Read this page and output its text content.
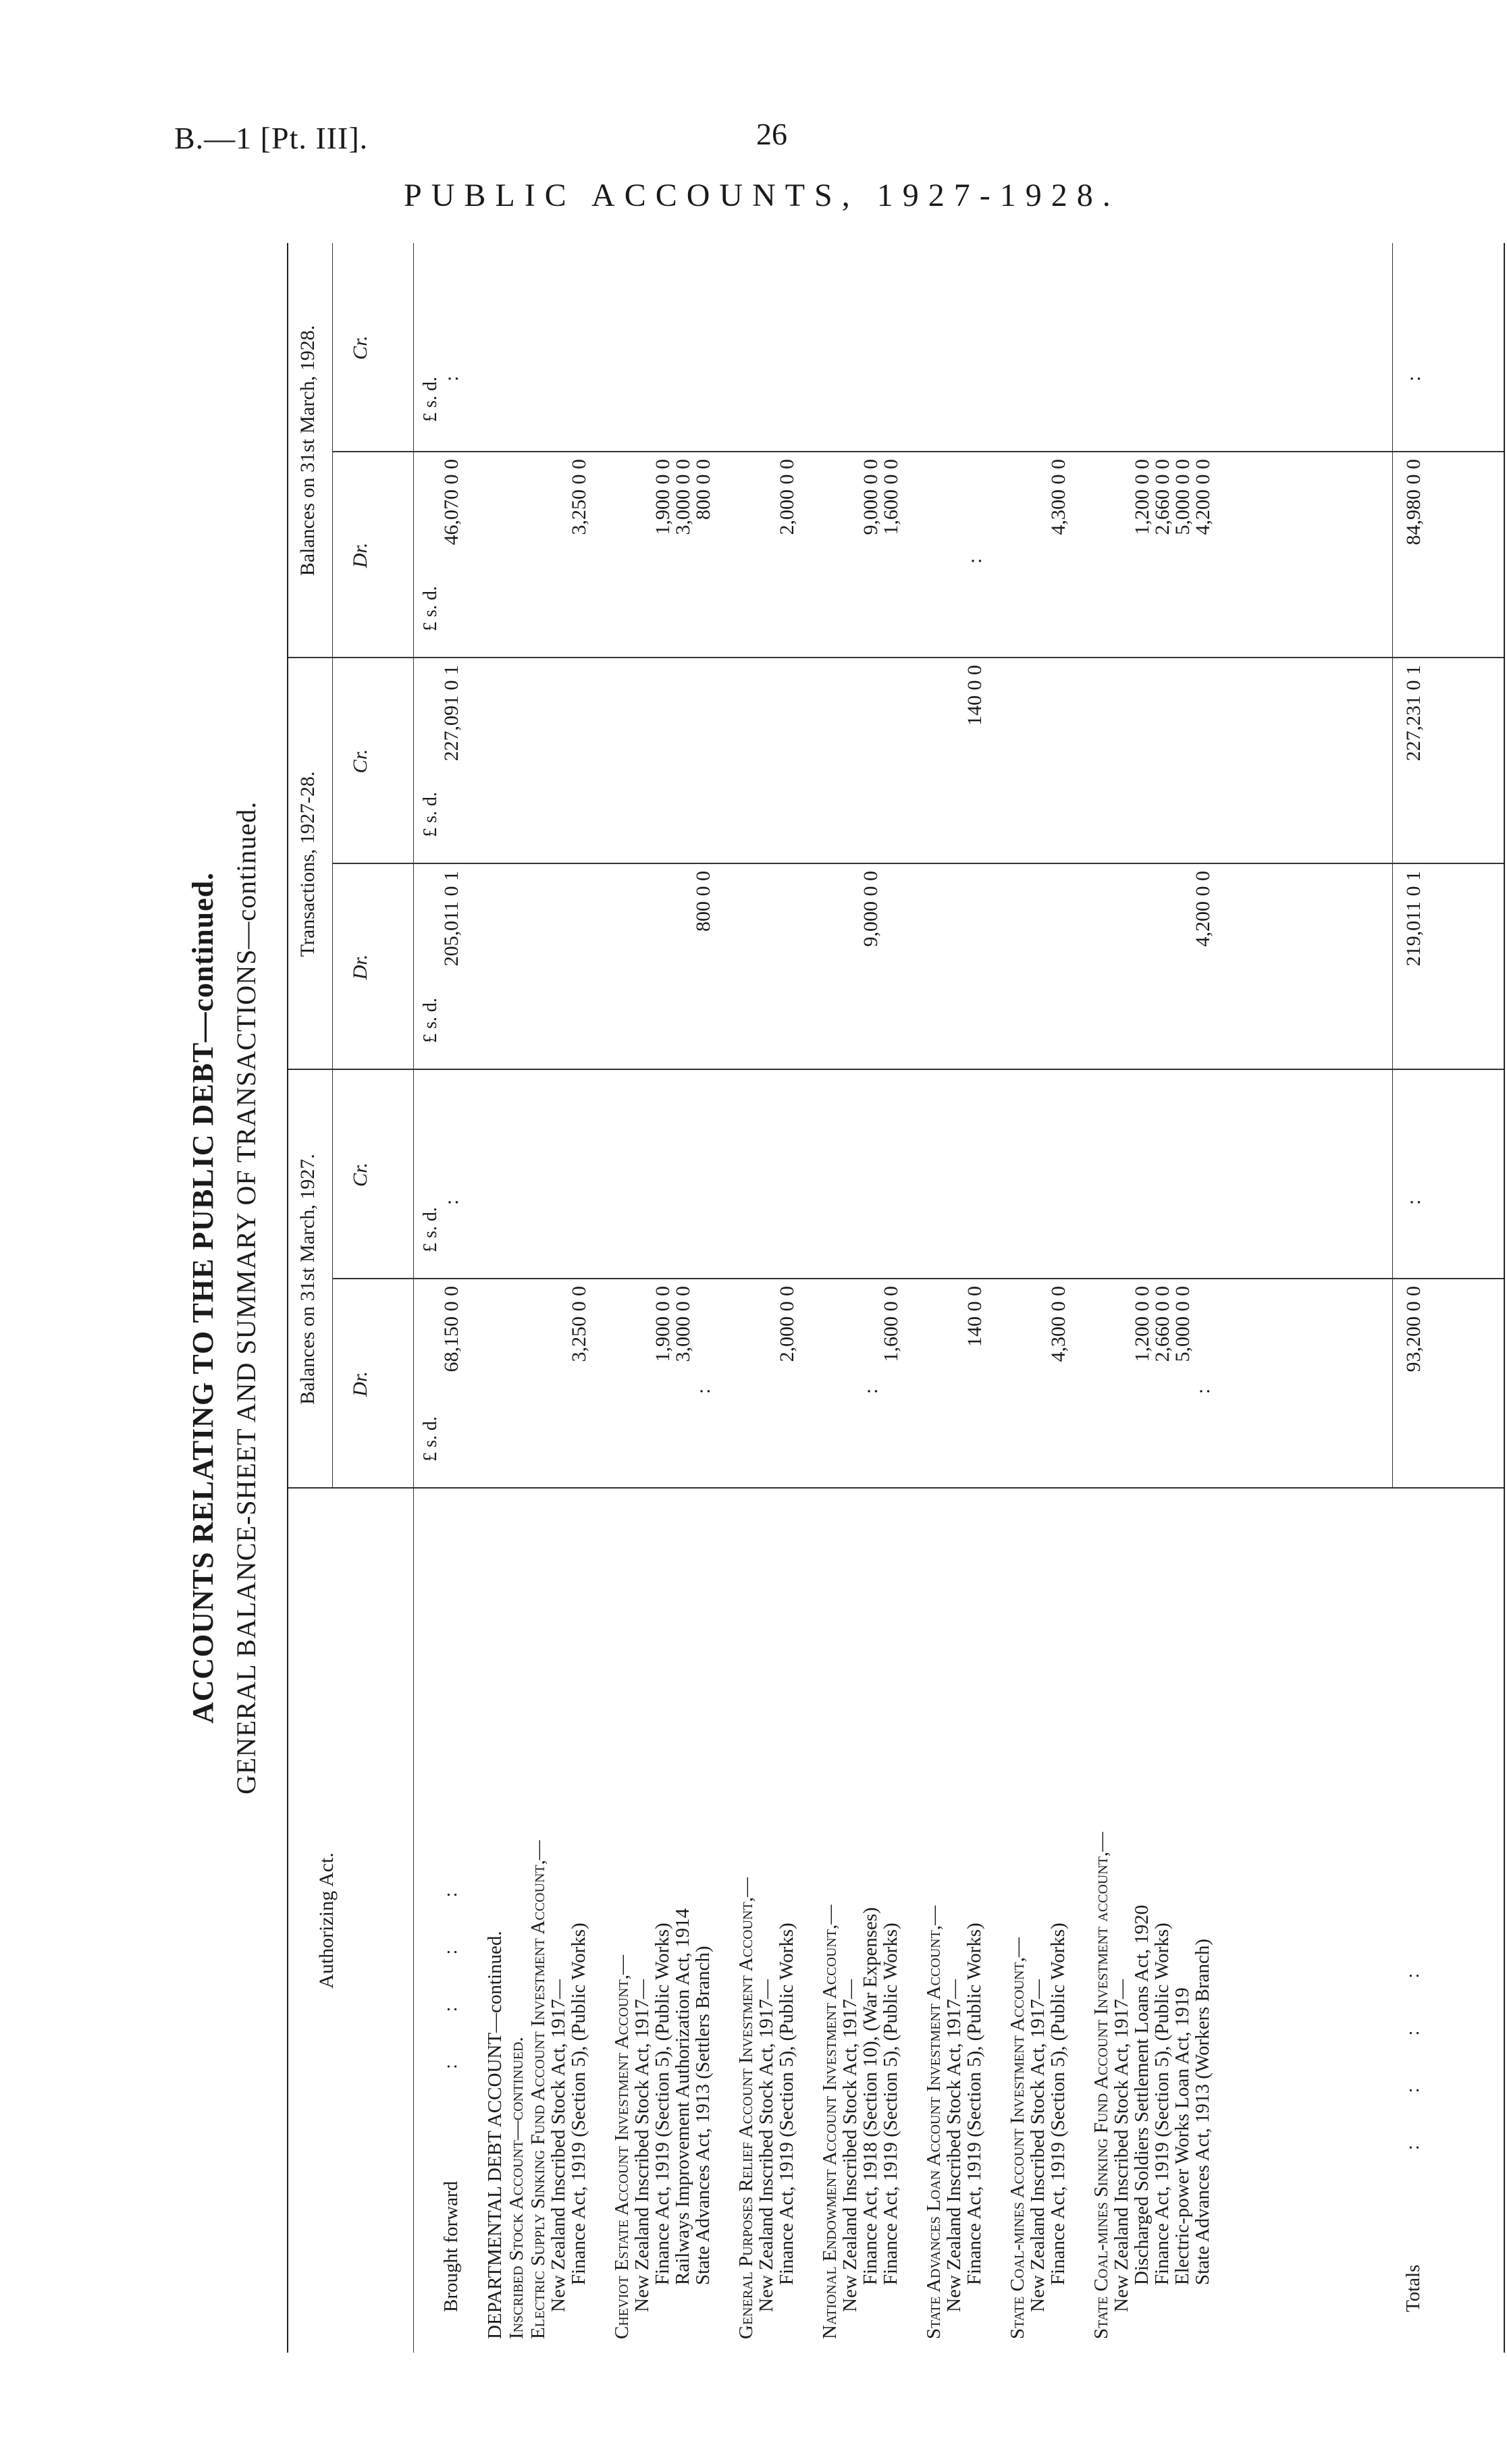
B.—1 [Pt. III].	26
PUBLIC ACCOUNTS, 1927-1928.
ACCOUNTS RELATING TO THE PUBLIC DEBT—continued. GENERAL BALANCE-SHEET AND SUMMARY OF TRANSACTIONS—continued.
Authorizing Act.
Balances on 31st March, 1927.
Transactions, 1927-28.
Balances on 31st March, 1928.
Dr.
Cr.
Dr.
Cr.
Dr.
Cr.
£ s. d.
£ s. d.
£ s. d.
£ s. d.
£ s. d.
£ s. d.
Brought forward
:   :   :   :
68,150 0 0
:
205,011 0 1
227,091 0 1
46,070 0 0
:
DEPARTMENTAL DEBT ACCOUNT—continued. Inscribed Stock Account—continued. Electric Supply Sinking Fund Account Investment Account,—
New Zealand Inscribed Stock Act, 1917—
Finance Act, 1919 (Section 5), (Public Works)
3,250 0 0
3,250 0 0
Cheviot Estate Account Investment Account,—
New Zealand Inscribed Stock Act, 1917—
Finance Act, 1919 (Section 5), (Public Works)
Railways Improvement Authorization Act, 1914
State Advances Act, 1913 (Settlers Branch)
1,900 0 0
3,000 0 0
:
800 0 0
1,900 0 0
3,000 0 0
800 0 0
General Purposes Relief Account Investment Account,—
New Zealand Inscribed Stock Act, 1917—
Finance Act, 1919 (Section 5), (Public Works)
2,000 0 0
2,000 0 0
National Endowment Account Investment Account,—
New Zealand Inscribed Stock Act, 1917—
Finance Act, 1918 (Section 10), (War Expenses)
Finance Act, 1919 (Section 5), (Public Works)
:
1,600 0 0
9,000 0 0
9,000 0 0
1,600 0 0
State Advances Loan Account Investment Account,—
New Zealand Inscribed Stock Act, 1917—
Finance Act, 1919 (Section 5), (Public Works)
140 0 0
140 0 0
:
State Coal-mines Account Investment Account,—
New Zealand Inscribed Stock Act, 1917—
Finance Act, 1919 (Section 5), (Public Works)
4,300 0 0
4,300 0 0
State Coal-mines Sinking Fund Account Investment account,—
New Zealand Inscribed Stock Act, 1917—
Discharged Soldiers Settlement Loans Act, 1920
Finance Act, 1919 (Section 5), (Public Works)
Electric-power Works Loan Act, 1919
State Advances Act, 1913 (Workers Branch)
1,200 0 0
2,660 0 0
5,000 0 0
:
4,200 0 0
1,200 0 0
2,660 0 0
5,000 0 0
4,200 0 0
Totals
:   :   :   :
93,200 0 0
:
219,011 0 1
227,231 0 1
84,980 0 0
:
